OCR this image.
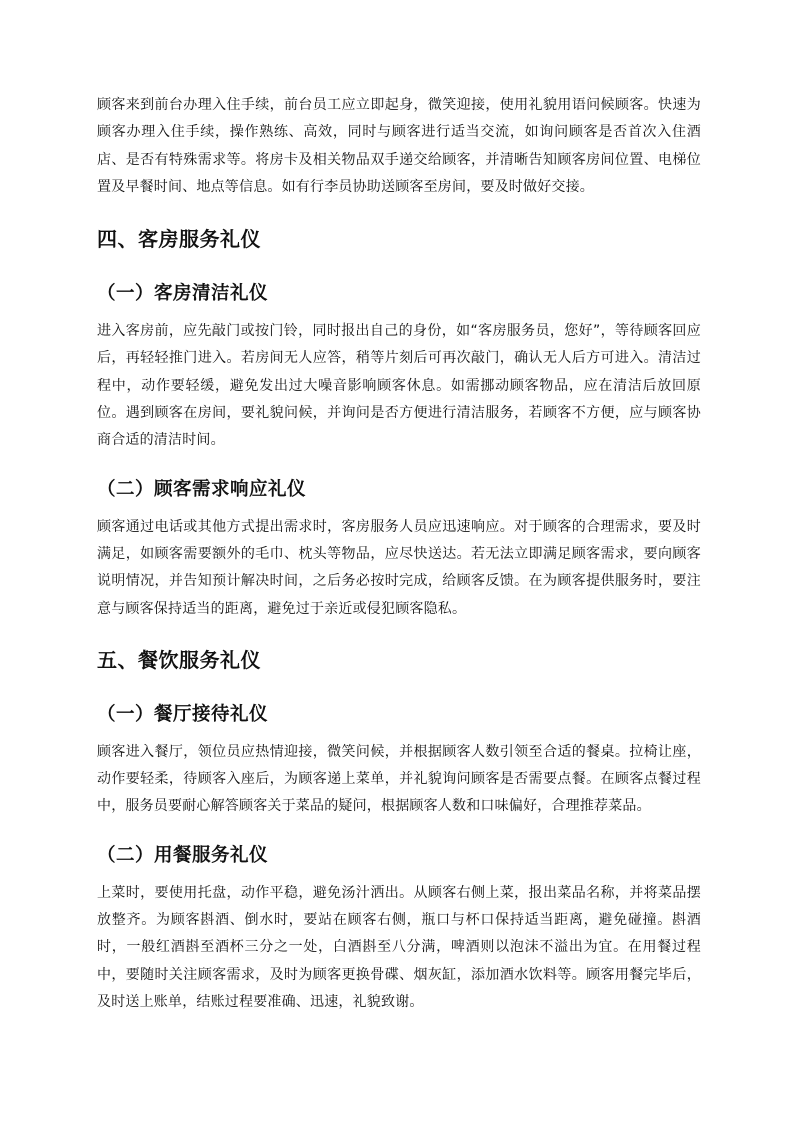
顾客来到前台办理入住手续，前台员工应立即起身，微笑迎接，使用礼貌用语问候顾客。快速为顾客办理入住手续，操作熟练、高效，同时与顾客进行适当交流，如询问顾客是否首次入住酒店、是否有特殊需求等。将房卡及相关物品双手递交给顾客，并清晰告知顾客房间位置、电梯位置及早餐时间、地点等信息。如有行李员协助送顾客至房间，要及时做好交接。

四、客房服务礼仪
（一）客房清洁礼仪

进入客房前，应先敲门或按门铃，同时报出自己的身份，如“客房服务员，您好”，等待顾客回应后，再轻轻推门进入。若房间无人应答，稍等片刻后可再次敲门，确认无人后方可进入。清洁过程中，动作要轻缓，避免发出过大噪音影响顾客休息。如需挪动顾客物品，应在清洁后放回原位。遇到顾客在房间，要礼貌问候，并询问是否方便进行清洁服务，若顾客不方便，应与顾客协商合适的清洁时间。

（二）顾客需求响应礼仪

顾客通过电话或其他方式提出需求时，客房服务人员应迅速响应。对于顾客的合理需求，要及时满足，如顾客需要额外的毛巾、枕头等物品，应尽快送达。若无法立即满足顾客需求，要向顾客说明情况，并告知预计解决时间，之后务必按时完成，给顾客反馈。在为顾客提供服务时，要注意与顾客保持适当的距离，避免过于亲近或侵犯顾客隐私。

五、餐饮服务礼仪
（一）餐厅接待礼仪

顾客进入餐厅，领位员应热情迎接，微笑问候，并根据顾客人数引领至合适的餐桌。拉椅让座，动作要轻柔，待顾客入座后，为顾客递上菜单，并礼貌询问顾客是否需要点餐。在顾客点餐过程中，服务员要耐心解答顾客关于菜品的疑问，根据顾客人数和口味偏好，合理推荐菜品。

（二）用餐服务礼仪

上菜时，要使用托盘，动作平稳，避免汤汁洒出。从顾客右侧上菜，报出菜品名称，并将菜品摆放整齐。为顾客斟酒、倒水时，要站在顾客右侧，瓶口与杯口保持适当距离，避免碰撞。斟酒时，一般红酒斟至酒杯三分之一处，白酒斟至八分满，啤酒则以泡沫不溢出为宜。在用餐过程中，要随时关注顾客需求，及时为顾客更换骨碟、烟灰缸，添加酒水饮料等。顾客用餐完毕后，及时送上账单，结账过程要准确、迅速，礼貌致谢。
